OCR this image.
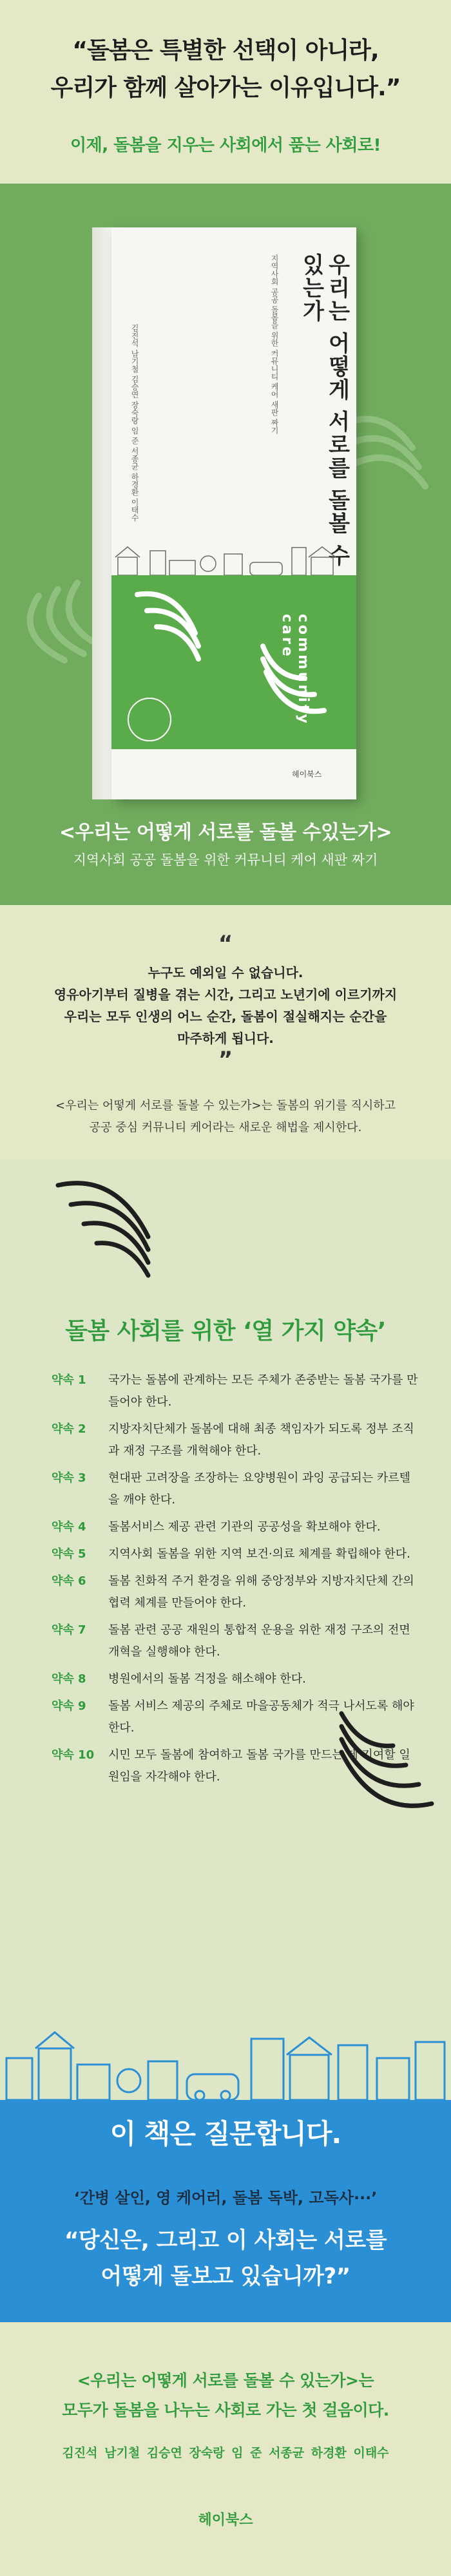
“돌봄은 특별한 선택이 아니라,
우리가 함께 살아가는 이유입니다.”
이제, 돌봄을 지우는 사회에서 품는 사회로!
우리는 어떻게 서로를 돌볼 수 있는가
지역사회 공공 돌봄을 위한 커뮤니티 케어 새판 짜기
김진석 남기철 김승연 장숙랑 임 준 서종균 하경환 이태수
community care
헤이북스
<우리는 어떻게 서로를 돌볼 수있는가>
지역사회 공공 돌봄을 위한 커뮤니티 케어 새판 짜기
“
누구도 예외일 수 없습니다.
영유아기부터 질병을 겪는 시간, 그리고 노년기에 이르기까지
우리는 모두 인생의 어느 순간, 돌봄이 절실해지는 순간을
마주하게 됩니다.
”
<우리는 어떻게 서로를 돌볼 수 있는가>는 돌봄의 위기를 직시하고
공공 중심 커뮤니티 케어라는 새로운 해법을 제시한다.
돌봄 사회를 위한 ‘열 가지 약속’
약속 1	국가는 돌봄에 관계하는 모든 주체가 존중받는 돌봄 국가를 만들어야 한다.
약속 2	지방자치단체가 돌봄에 대해 최종 책임자가 되도록 정부 조직과 재정 구조를 개혁해야 한다.
약속 3	현대판 고려장을 조장하는 요양병원이 과잉 공급되는 카르텔을 깨야 한다.
약속 4	돌봄서비스 제공 관련 기관의 공공성을 확보해야 한다.
약속 5	지역사회 돌봄을 위한 지역 보건·의료 체계를 확립해야 한다.
약속 6	돌봄 친화적 주거 환경을 위해 중앙정부와 지방자치단체 간의 협력 체계를 만들어야 한다.
약속 7	돌봄 관련 공공 재원의 통합적 운용을 위한 재정 구조의 전면 개혁을 실행해야 한다.
약속 8	병원에서의 돌봄 걱정을 해소해야 한다.
약속 9	돌봄 서비스 제공의 주체로 마을공동체가 적극 나서도록 해야 한다.
약속 10	시민 모두 돌봄에 참여하고 돌봄 국가를 만드는 데 기여할 일원임을 자각해야 한다.
이 책은 질문합니다.
‘간병 살인, 영 케어러, 돌봄 독박, 고독사···’
“당신은, 그리고 이 사회는 서로를
어떻게 돌보고 있습니까?”
<우리는 어떻게 서로를 돌볼 수 있는가>는
모두가 돌봄을 나누는 사회로 가는 첫 걸음이다.
김진석 남기철 김승연 장숙랑 임 준 서종균 하경환 이태수
헤이북스
